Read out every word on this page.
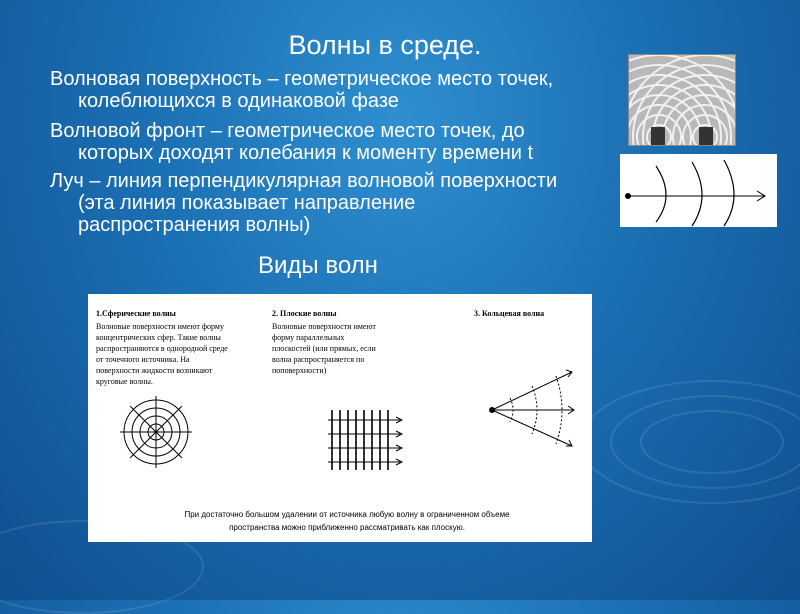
Волны в среде.
Волновая поверхность – геометрическое место точек,
колеблющихся в одинаковой фазе
Волновой фронт – геометрическое место точек, до
которых доходят колебания к моменту времени t
Луч – линия перпендикулярная волновой поверхности
(эта линия показывает направление
распространения волны)
Виды волн
1.Сферические волны
Волновые поверхности имеют форму
концентрических сфер. Такие волны
распространяются в однородной среде
от точечного источника. На
поверхности жидкости возникают
круговые волны.
2. Плоские волны
Волновые поверхности имеют
форму параллельных
плоскостей (или прямых, если
волна распространяется по
поповерхности)
3. Кольцевая волна
При достаточно большом удалении от источника любую волну в ограниченном объеме
пространства можно приближенно рассматривать как плоскую.
